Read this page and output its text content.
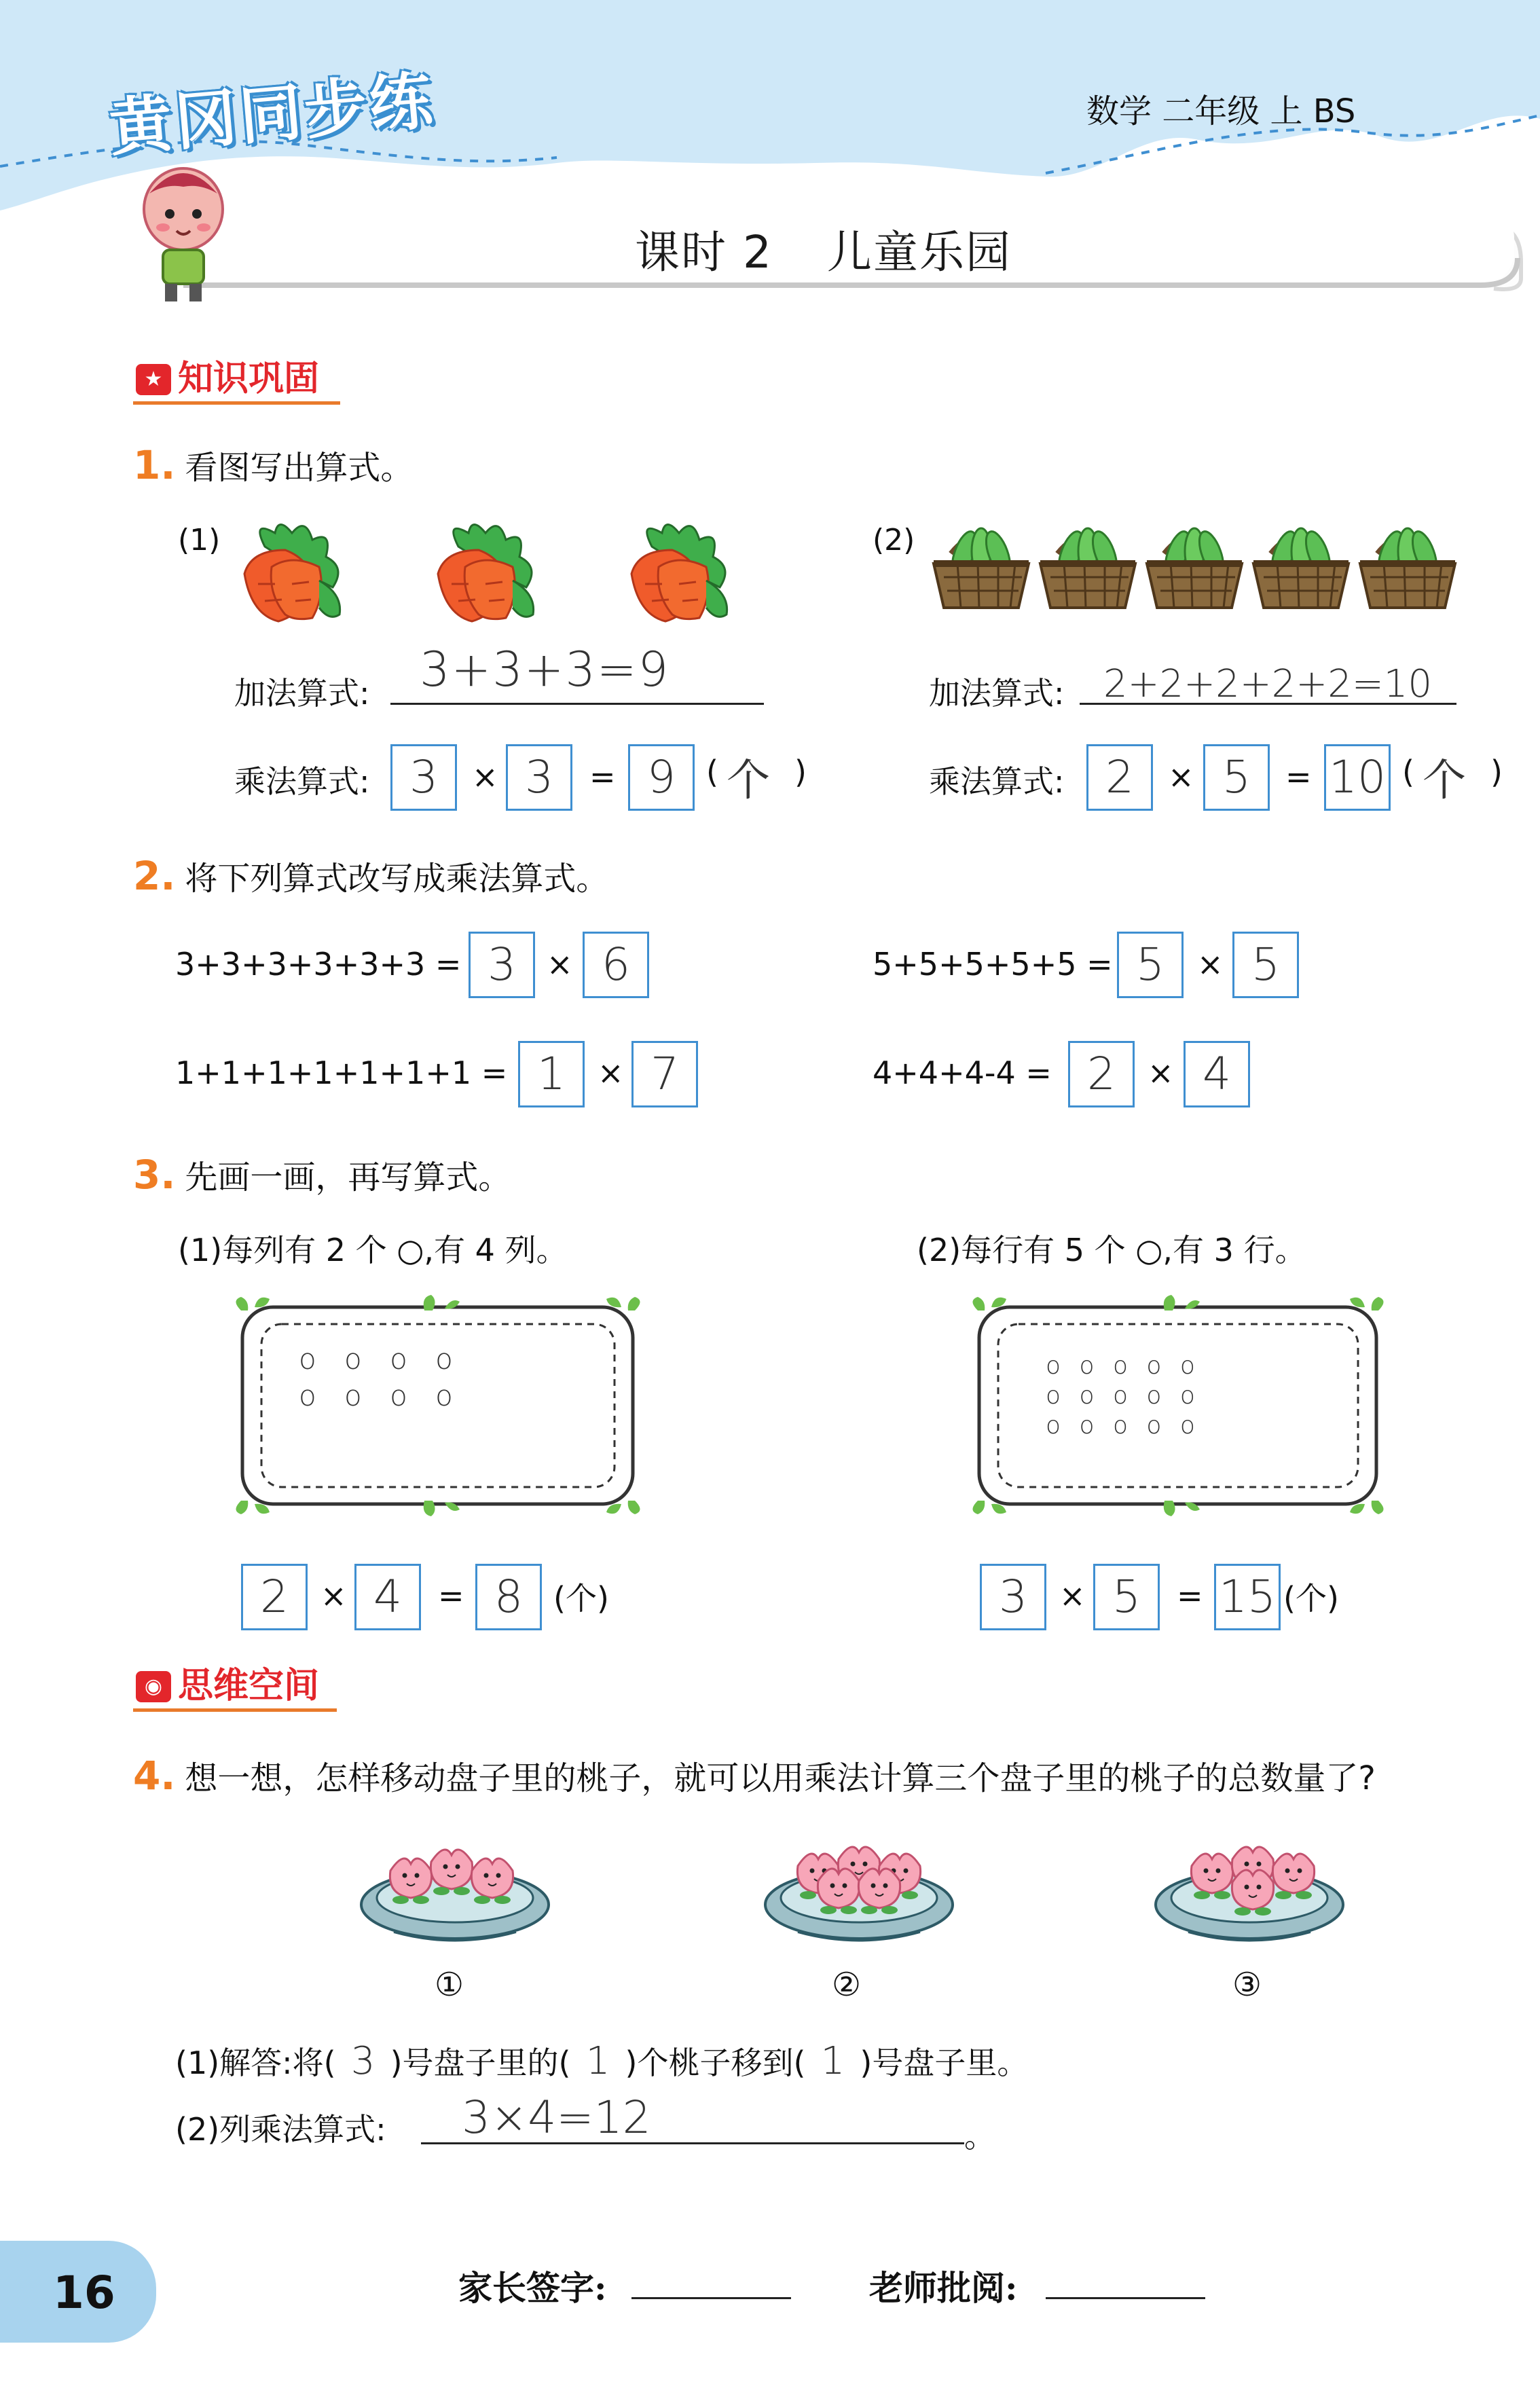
黄冈同步练	数学 二年级 上 BS
课时 2 儿童乐园
★ 知识巩固
1. 看图写出算式。
(1)
加法算式: 3+3+3=9
乘法算式: 3	× 3	= 9 ( 个 )
(2)
加法算式: 2+2+2+2+2=10
乘法算式: 2	× 5	= 10 ( 个 )
2. 将下列算式改写成乘法算式。
3+3+3+3+3+3 = 3 × 6	5+5+5+5+5 = 5	× 5
1+1+1+1+1+1+1 = 1	× 7	4+4+4-4 = 2	× 4
3. 先画一画，再写算式。
(1)每列有 2 个 ○,有 4 列。	(2)每行有 5 个 ○,有 3 行。
o o o o
o o o o
o o o o o
o o o o o
o o o o o
2	× 4	= 8 (个)	3	× 5	= 15 (个)
◉ 思维空间
4. 想一想，怎样移动盘子里的桃子，就可以用乘法计算三个盘子里的桃子的总数量了?
①	②	③
(1)解答:将( 3 )号盘子里的( 1 )个桃子移到( 1 )号盘子里。
(2)列乘法算式: 3×4=12	。
16	家长签字:	老师批阅:
